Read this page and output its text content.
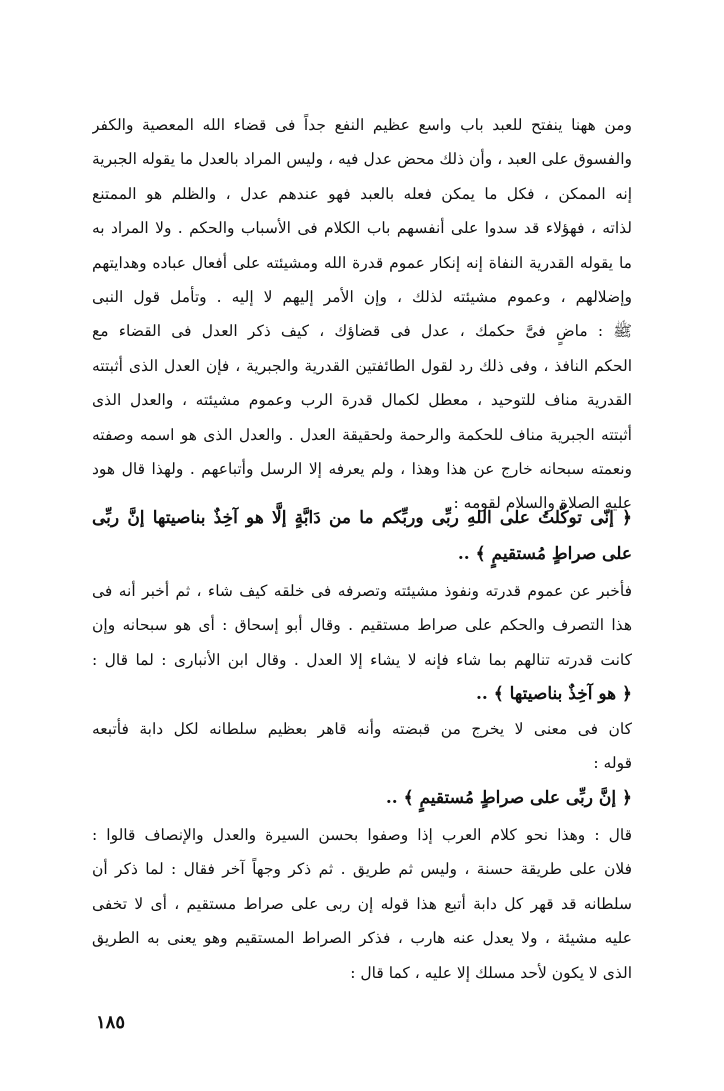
ومن ههنا ينفتح للعبد باب واسع عظيم النفع جداً فى قضاء الله المعصية والكفر
والفسوق على العبد ، وأن ذلك محض عدل فيه ، وليس المراد بالعدل ما يقوله الجبرية
إنه الممكن ، فكل ما يمكن فعله بالعبد فهو عندهم عدل ، والظلم هو الممتنع
لذاته ، فهؤلاء قد سدوا على أنفسهم باب الكلام فى الأسباب والحكم . ولا المراد به
ما يقوله القدرية النفاة إنه إنكار عموم قدرة الله ومشيئته على أفعال عباده وهدايتهم
وإضلالهم ، وعموم مشيئته لذلك ، وإن الأمر إليهم لا إليه . وتأمل قول النبى
ﷺ : ماضٍ فىَّ حكمك ، عدل فى قضاؤك ، كيف ذكر العدل فى القضاء مع
الحكم النافذ ، وفى ذلك رد لقول الطائفتين القدرية والجبرية ، فإن العدل الذى أثبتته
القدرية مناف للتوحيد ، معطل لكمال قدرة الرب وعموم مشيئته ، والعدل الذى
أثبتته الجبرية مناف للحكمة والرحمة ولحقيقة العدل . والعدل الذى هو اسمه وصفته
ونعمته سبحانه خارج عن هذا وهذا ، ولم يعرفه إلا الرسل وأتباعهم . ولهذا قال هود
عليه الصلاة والسلام لقومه :
﴿ إنّى توكّلتُ على اللهِ ربِّى وربِّكم ما من دَابَّةٍ إلَّا هو آخِذٌ بناصيتها إنَّ ربِّى
على صراطٍ مُستقيمٍ ﴾ ..
فأخبر عن عموم قدرته ونفوذ مشيئته وتصرفه فى خلقه كيف شاء ، ثم أخبر أنه فى
هذا التصرف والحكم على صراط مستقيم . وقال أبو إسحاق : أى هو سبحانه وإن
كانت قدرته تنالهم بما شاء فإنه لا يشاء إلا العدل . وقال ابن الأنبارى : لما قال :
﴿ هو آخِذٌ بناصيتها ﴾ ..
كان فى معنى لا يخرج من قبضته وأنه قاهر بعظيم سلطانه لكل دابة فأتبعه
قوله :
﴿ إنَّ ربِّى على صراطٍ مُستقيمٍ ﴾ ..
قال : وهذا نحو كلام العرب إذا وصفوا بحسن السيرة والعدل والإنصاف قالوا :
فلان على طريقة حسنة ، وليس ثم طريق . ثم ذكر وجهاً آخر فقال : لما ذكر أن
سلطانه قد قهر كل دابة أتبع هذا قوله إن ربى على صراط مستقيم ، أى لا تخفى
عليه مشيئة ، ولا يعدل عنه هارب ، فذكر الصراط المستقيم وهو يعنى به الطريق
الذى لا يكون لأحد مسلك إلا عليه ، كما قال :
١٨٥
